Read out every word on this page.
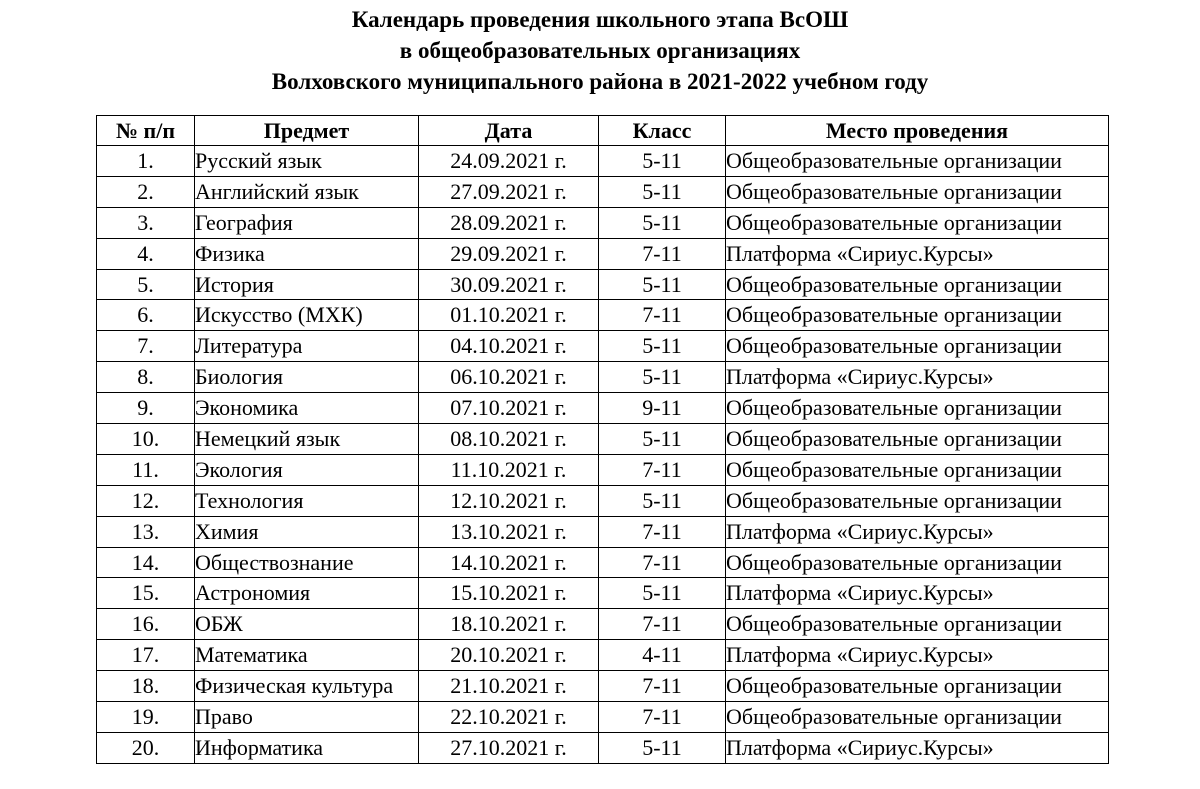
Календарь проведения школьного этапа ВсОШ
в общеобразовательных организациях
Волховского муниципального района в 2021-2022 учебном году
№ п/п	Предмет	Дата	Класс	Место проведения
1.	Русский язык	24.09.2021 г.	5-11	Общеобразовательные организации
2.	Английский язык	27.09.2021 г.	5-11	Общеобразовательные организации
3.	География	28.09.2021 г.	5-11	Общеобразовательные организации
4.	Физика	29.09.2021 г.	7-11	Платформа «Сириус.Курсы»
5.	История	30.09.2021 г.	5-11	Общеобразовательные организации
6.	Искусство (МХК)	01.10.2021 г.	7-11	Общеобразовательные организации
7.	Литература	04.10.2021 г.	5-11	Общеобразовательные организации
8.	Биология	06.10.2021 г.	5-11	Платформа «Сириус.Курсы»
9.	Экономика	07.10.2021 г.	9-11	Общеобразовательные организации
10.	Немецкий язык	08.10.2021 г.	5-11	Общеобразовательные организации
11.	Экология	11.10.2021 г.	7-11	Общеобразовательные организации
12.	Технология	12.10.2021 г.	5-11	Общеобразовательные организации
13.	Химия	13.10.2021 г.	7-11	Платформа «Сириус.Курсы»
14.	Обществознание	14.10.2021 г.	7-11	Общеобразовательные организации
15.	Астрономия	15.10.2021 г.	5-11	Платформа «Сириус.Курсы»
16.	ОБЖ	18.10.2021 г.	7-11	Общеобразовательные организации
17.	Математика	20.10.2021 г.	4-11	Платформа «Сириус.Курсы»
18.	Физическая культура	21.10.2021 г.	7-11	Общеобразовательные организации
19.	Право	22.10.2021 г.	7-11	Общеобразовательные организации
20.	Информатика	27.10.2021 г.	5-11	Платформа «Сириус.Курсы»
